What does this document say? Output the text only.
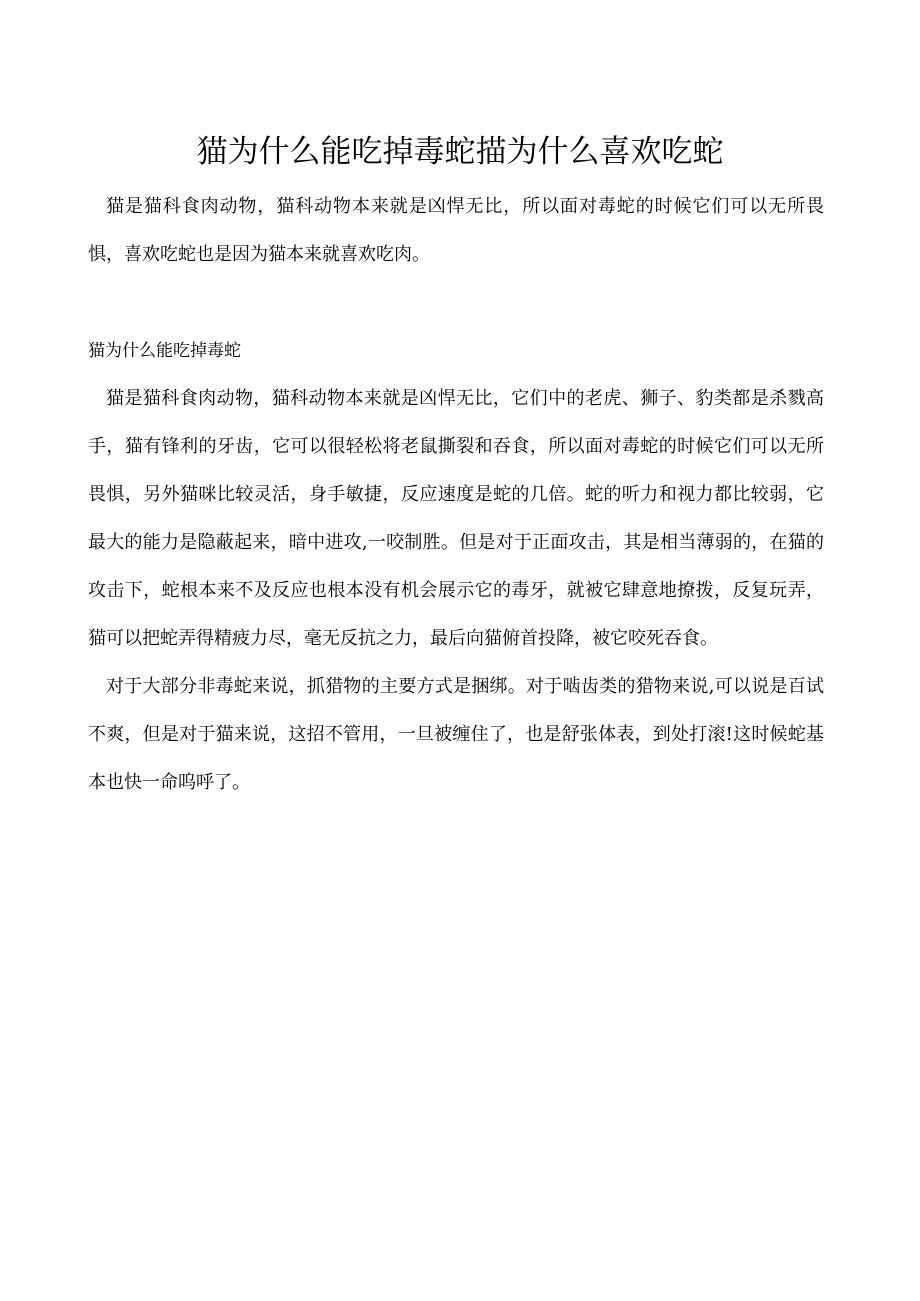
猫为什么能吃掉毒蛇描为什么喜欢吃蛇

猫是猫科食肉动物，猫科动物本来就是凶悍无比，所以面对毒蛇的时候它们可以无所畏惧，喜欢吃蛇也是因为猫本来就喜欢吃肉。

猫为什么能吃掉毒蛇

猫是猫科食肉动物，猫科动物本来就是凶悍无比，它们中的老虎、狮子、豹类都是杀戮高手，猫有锋利的牙齿，它可以很轻松将老鼠撕裂和吞食，所以面对毒蛇的时候它们可以无所畏惧，另外猫咪比较灵活，身手敏捷，反应速度是蛇的几倍。蛇的听力和视力都比较弱，它最大的能力是隐蔽起来，暗中进攻,一咬制胜。但是对于正面攻击，其是相当薄弱的，在猫的攻击下，蛇根本来不及反应也根本没有机会展示它的毒牙，就被它肆意地撩拨，反复玩弄，猫可以把蛇弄得精疲力尽，毫无反抗之力，最后向猫俯首投降，被它咬死吞食。

对于大部分非毒蛇来说，抓猎物的主要方式是捆绑。对于啮齿类的猎物来说,可以说是百试不爽，但是对于猫来说，这招不管用，一旦被缠住了，也是舒张体表，到处打滚!这时候蛇基本也快一命呜呼了。
